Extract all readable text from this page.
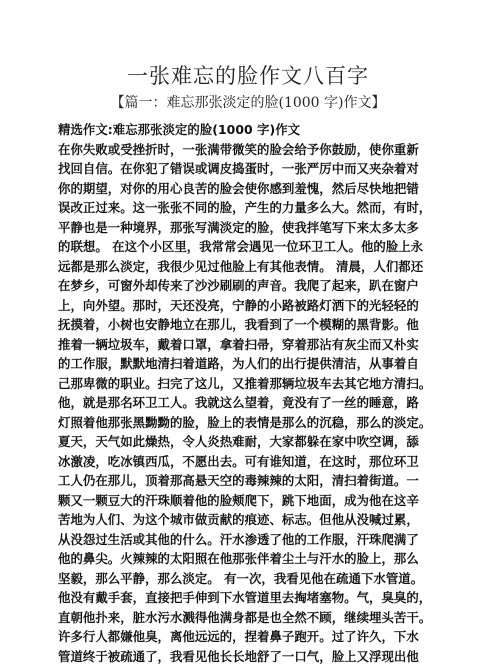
一张难忘的脸作文八百字
【篇一：难忘那张淡定的脸(1000 字)作文】
精选作文:难忘那张淡定的脸(1000 字)作文
在你失败或受挫折时，一张满带微笑的脸会给予你鼓励，使你重新
找回自信。在你犯了错误或调皮捣蛋时，一张严厉中而又夹杂着对
你的期望，对你的用心良苦的脸会使你感到羞愧，然后尽快地把错
误改正过来。这一张张不同的脸，产生的力量多么大。然而，有时，
平静也是一种境界，那张写满淡定的脸，使我拌笔写下来太多太多
的联想。 在这个小区里，我常常会遇见一位环卫工人。他的脸上永
远都是那么淡定，我很少见过他脸上有其他表情。 清晨，人们都还
在梦乡，可窗外却传来了沙沙刷刷的声音。我爬了起来，趴在窗户
上，向外望。那时，天还没亮，宁静的小路被路灯洒下的光轻轻的
抚摸着，小树也安静地立在那儿，我看到了一个模糊的黑背影。他
推着一辆垃圾车，戴着口罩，拿着扫帚，穿着那沾有灰尘而又朴实
的工作服，默默地清扫着道路，为人们的出行提供清洁，从事着自
己那卑微的职业。扫完了这儿，又推着那辆垃圾车去其它地方清扫。
他，就是那名环卫工人。我就这么望着，竟没有了一丝的睡意，路
灯照着他那张黑黝黝的脸，脸上的表情是那么的沉稳，那么的淡定。
夏天，天气如此燥热，令人炎热难耐，大家都躲在家中吹空调，舔
冰激凌，吃冰镇西瓜，不愿出去。可有谁知道，在这时，那位环卫
工人仍在那儿，顶着那高悬天空的毒辣辣的太阳，清扫着街道。一
颗又一颗豆大的汗珠顺着他的脸颊爬下，跳下地面，成为他在这辛
苦地为人们、为这个城市做贡献的痕迹、标志。但他从没喊过累，
从没怨过生活或其他的什么。汗水渗透了他的工作服，汗珠爬满了
他的鼻尖。火辣辣的太阳照在他那张伴着尘土与汗水的脸上，那么
坚毅，那么平静，那么淡定。 有一次，我看见他在疏通下水管道。
他没有戴手套，直接把手伸到下水管道里去掏堵塞物。气，臭臭的，
直朝他扑来，脏水污水溅得他满身都是也全然不顾，继续埋头苦干。
许多行人都嫌他臭，离他远远的，捏着鼻子跑开。过了许久，下水
管道终于被疏通了，我看见他长长地舒了一口气，脸上又浮现出他
